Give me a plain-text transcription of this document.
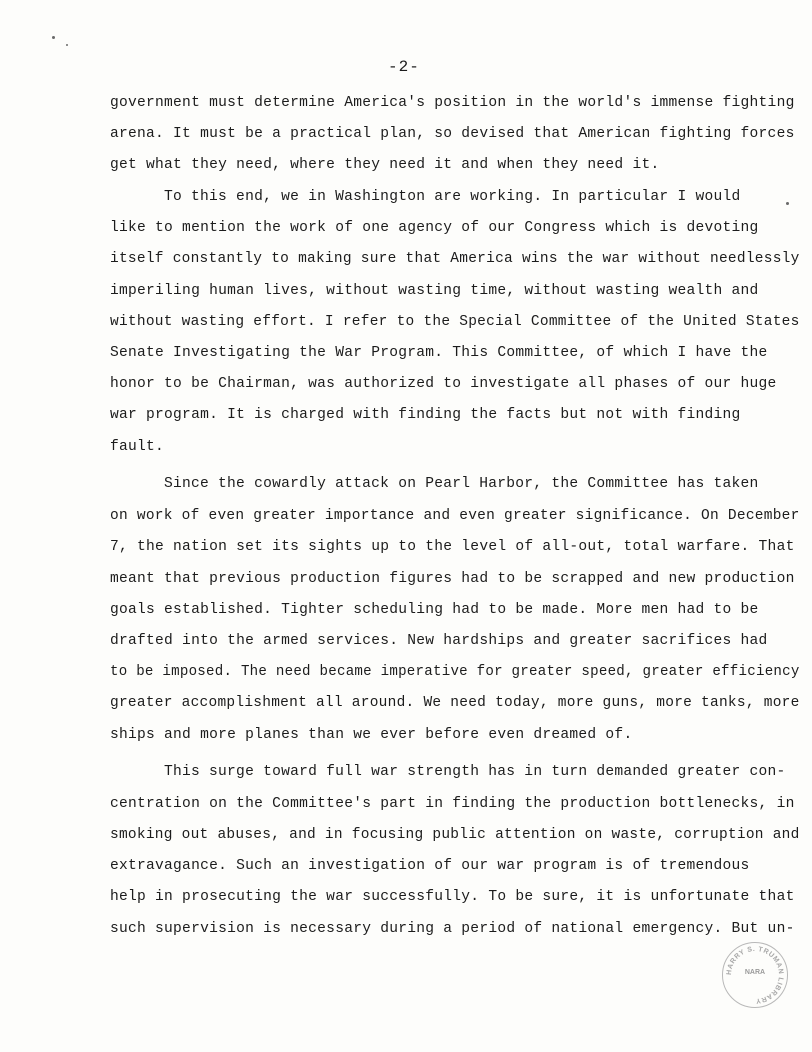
-2-
government must determine America's position in the world's immense fighting
arena. It must be a practical plan, so devised that American fighting forces
get what they need, where they need it and when they need it.
To this end, we in Washington are working. In particular I would
like to mention the work of one agency of our Congress which is devoting
itself constantly to making sure that America wins the war without needlessly
imperiling human lives, without wasting time, without wasting wealth and
without wasting effort. I refer to the Special Committee of the United States
Senate Investigating the War Program. This Committee, of which I have the
honor to be Chairman, was authorized to investigate all phases of our huge
war program. It is charged with finding the facts but not with finding
fault.
Since the cowardly attack on Pearl Harbor, the Committee has taken
on work of even greater importance and even greater significance. On December
7, the nation set its sights up to the level of all-out, total warfare. That
meant that previous production figures had to be scrapped and new production
goals established. Tighter scheduling had to be made. More men had to be
drafted into the armed services. New hardships and greater sacrifices had
to be imposed. The need became imperative for greater speed, greater efficiency
greater accomplishment all around. We need today, more guns, more tanks, more
ships and more planes than we ever before even dreamed of.
This surge toward full war strength has in turn demanded greater con-
centration on the Committee's part in finding the production bottlenecks, in
smoking out abuses, and in focusing public attention on waste, corruption and
extravagance. Such an investigation of our war program is of tremendous
help in prosecuting the war successfully. To be sure, it is unfortunate that
such supervision is necessary during a period of national emergency. But un-
HARRY S. TRUMAN LIBRARY
NARA
